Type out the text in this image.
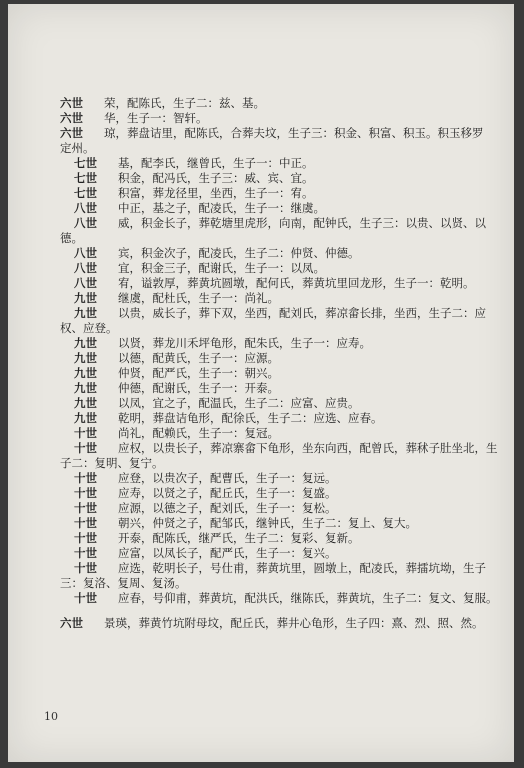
六世 荣，配陈氏，生子二：兹、基。
六世 华，生子一：智轩。
六世 琼，葬盘诘里，配陈氏，合葬夫坟，生子三：积金、积富、积玉。积玉移罗
定州。
七世 基，配李氏，继曾氏，生子一：中正。
七世 积金，配冯氏，生子三：威、宾、宜。
七世 积富，葬龙径里，坐西，生子一：宥。
八世 中正，基之子，配凌氏，生子一：继虞。
八世 威，积金长子，葬乾塘里虎形，向南，配钟氏，生子三：以贵、以贤、以
德。
八世 宾，积金次子，配凌氏，生子二：仲贤、仲德。
八世 宜，积金三子，配谢氏，生子一：以凤。
八世 宥，谥敦厚，葬黄坑圆墩，配何氏，葬黄坑里回龙形，生子一：乾明。
九世 继虞，配杜氏，生子一：尚礼。
九世 以贵，威长子，葬下双，坐西，配刘氏，葬凉畲长排，坐西，生子二：应
权、应登。
九世 以贤，葬龙川禾坪龟形，配朱氏，生子一：应寿。
九世 以德，配黄氏，生子一：应源。
九世 仲贤，配严氏，生子一：朝兴。
九世 仲德，配谢氏，生子一：开泰。
九世 以凤，宜之子，配温氏，生子二：应富、应贵。
九世 乾明，葬盘诘龟形，配徐氏，生子二：应选、应春。
十世 尚礼，配赖氏，生子一：复冠。
十世 应权，以贵长子，葬凉寨畲下龟形，坐东向西，配曾氏，葬秫子肚坐北，生
子二：复明、复宁。
十世 应登，以贵次子，配曹氏，生子一：复远。
十世 应寿，以贤之子，配丘氏，生子一：复盛。
十世 应源，以德之子，配刘氏，生子一：复松。
十世 朝兴，仲贤之子，配邹氏，继钟氏，生子二：复上、复大。
十世 开泰，配陈氏，继严氏，生子二：复彩、复新。
十世 应富，以凤长子，配严氏，生子一：复兴。
十世 应选，乾明长子，号仕甫，葬黄坑里，圆墩上，配凌氏，葬擂坑坳，生子
三：复洛、复周、复汤。
十世 应春，号仰甫，葬黄坑，配洪氏，继陈氏，葬黄坑，生子二：复文、复服。
六世 景瑛，葬黄竹坑附母坟，配丘氏，葬井心龟形，生子四：熹、烈、照、然。
10
